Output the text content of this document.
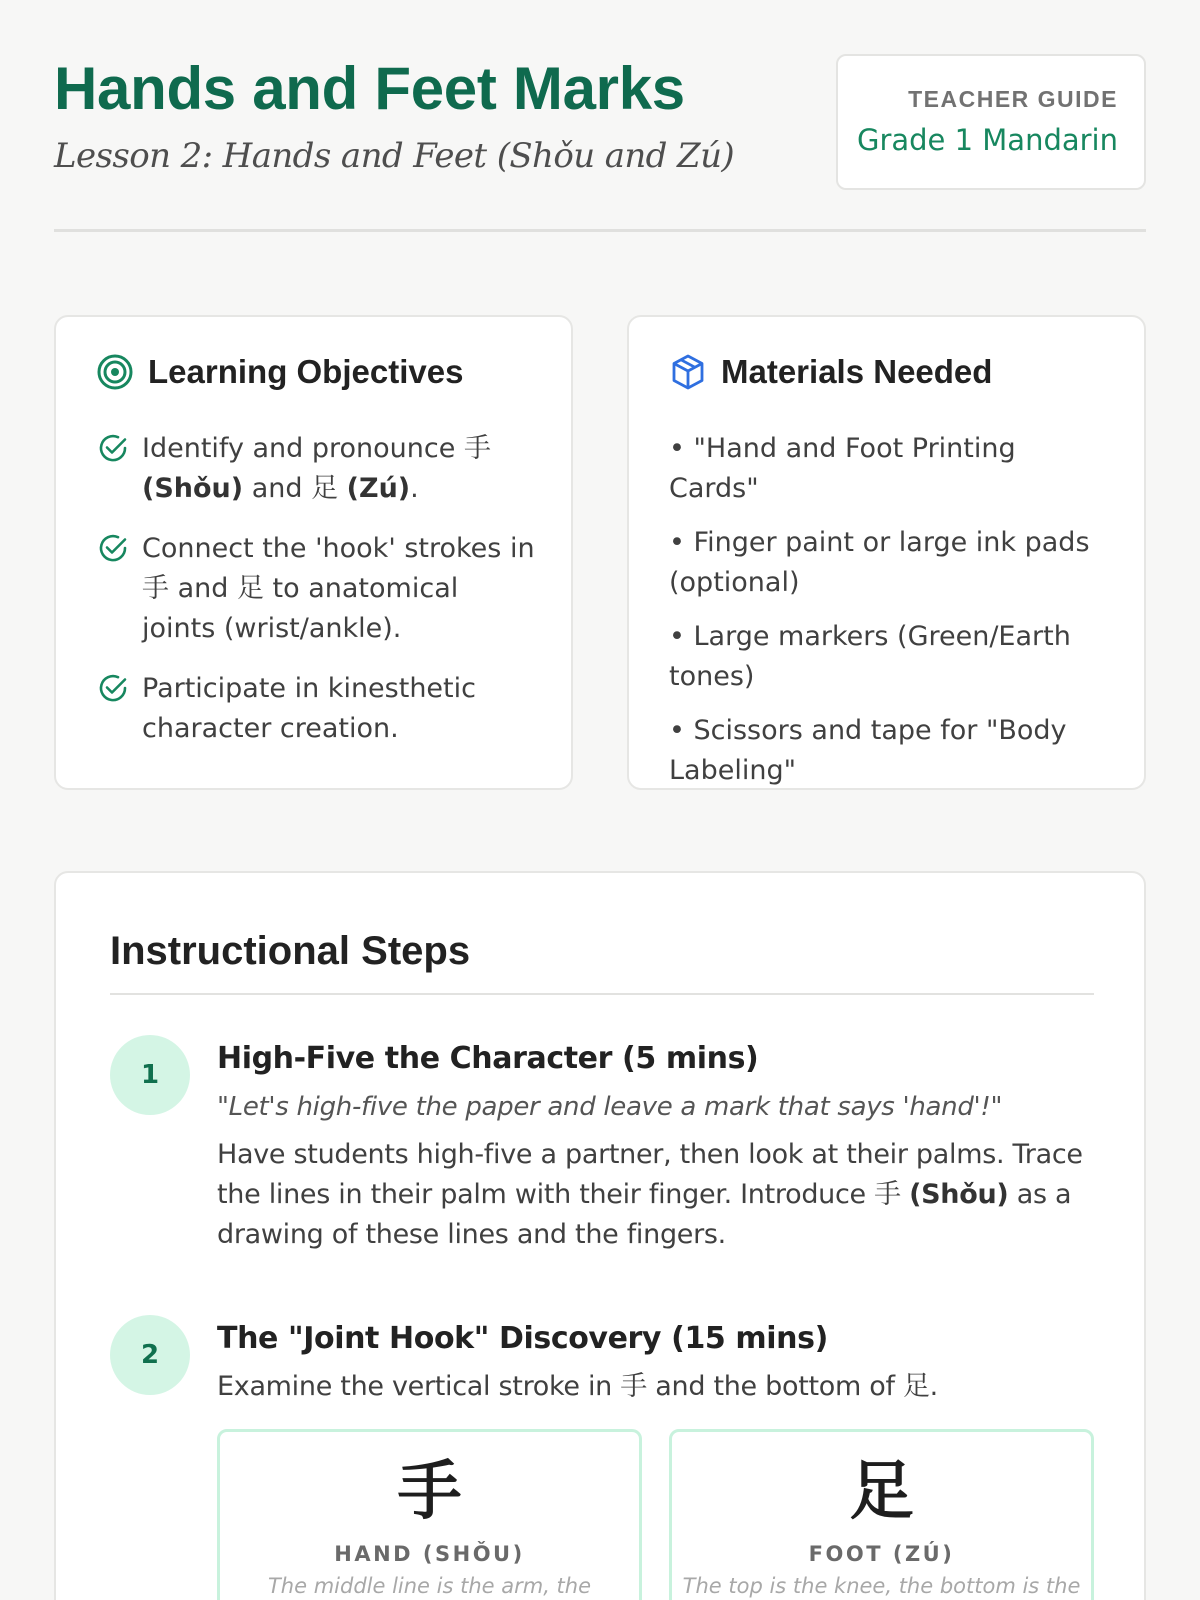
Hands and Feet Marks
Lesson 2: Hands and Feet (Shǒu and Zú)
TEACHER GUIDE
Grade 1 Mandarin
Learning Objectives
Identify and pronounce 手 (Shǒu) and 足 (Zú).
Connect the 'hook' strokes in 手 and 足 to anatomical joints (wrist/ankle).
Participate in kinesthetic character creation.
Materials Needed
• "Hand and Foot Printing Cards"
• Finger paint or large ink pads (optional)
• Large markers (Green/Earth tones)
• Scissors and tape for "Body Labeling"
Instructional Steps
1	High-Five the Character (5 mins)
"Let's high-five the paper and leave a mark that says 'hand'!"
Have students high-five a partner, then look at their palms. Trace the lines in their palm with their finger. Introduce 手 (Shǒu) as a drawing of these lines and the fingers.
2	The "Joint Hook" Discovery (15 mins)
Examine the vertical stroke in 手 and the bottom of 足.
手
HAND (SHǑU)
The middle line is the arm, the
足
FOOT (ZÚ)
The top is the knee, the bottom is the
